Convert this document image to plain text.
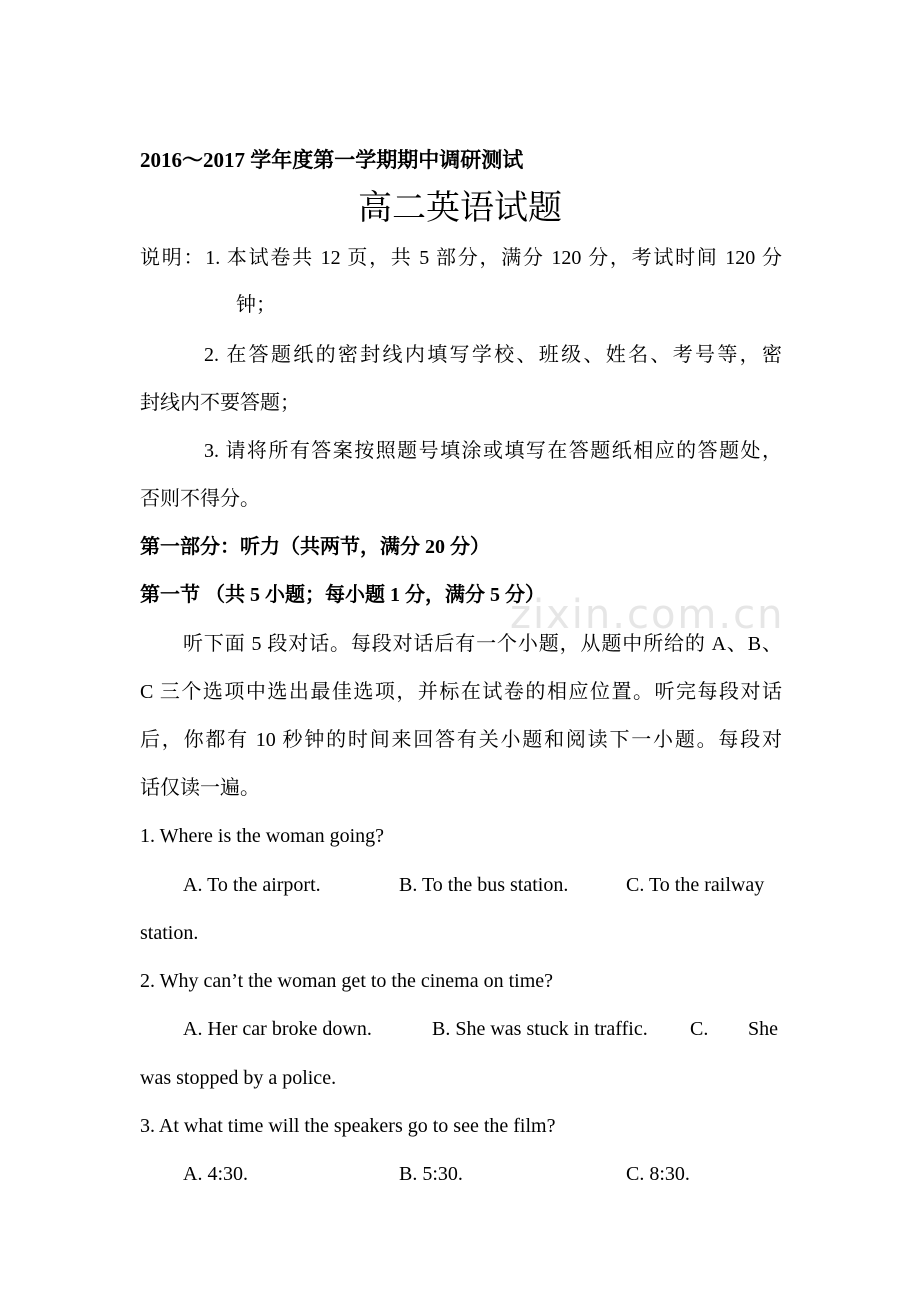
zixin.com.cn
2016～2017 学年度第一学期期中调研测试
高二英语试题
说明：1. 本试卷共 12 页，共 5 部分，满分 120 分，考试时间 120 分
钟；
2. 在答题纸的密封线内填写学校、班级、姓名、考号等，密
封线内不要答题；
3. 请将所有答案按照题号填涂或填写在答题纸相应的答题处，
否则不得分。
第一部分：听力（共两节，满分 20 分）
第一节 （共 5 小题；每小题 1 分，满分 5 分）
听下面 5 段对话。每段对话后有一个小题，从题中所给的 A、B、
C 三个选项中选出最佳选项，并标在试卷的相应位置。听完每段对话
后，你都有 10 秒钟的时间来回答有关小题和阅读下一小题。每段对
话仅读一遍。
1. Where is the woman going?
A. To the airport.	B. To the bus station.	C. To the railway
station.
2. Why can’t the woman get to the cinema on time?
A. Her car broke down.	B. She was stuck in traffic. C. She
was stopped by a police.
3. At what time will the speakers go to see the film?
A. 4:30.	B. 5:30.	C. 8:30.
